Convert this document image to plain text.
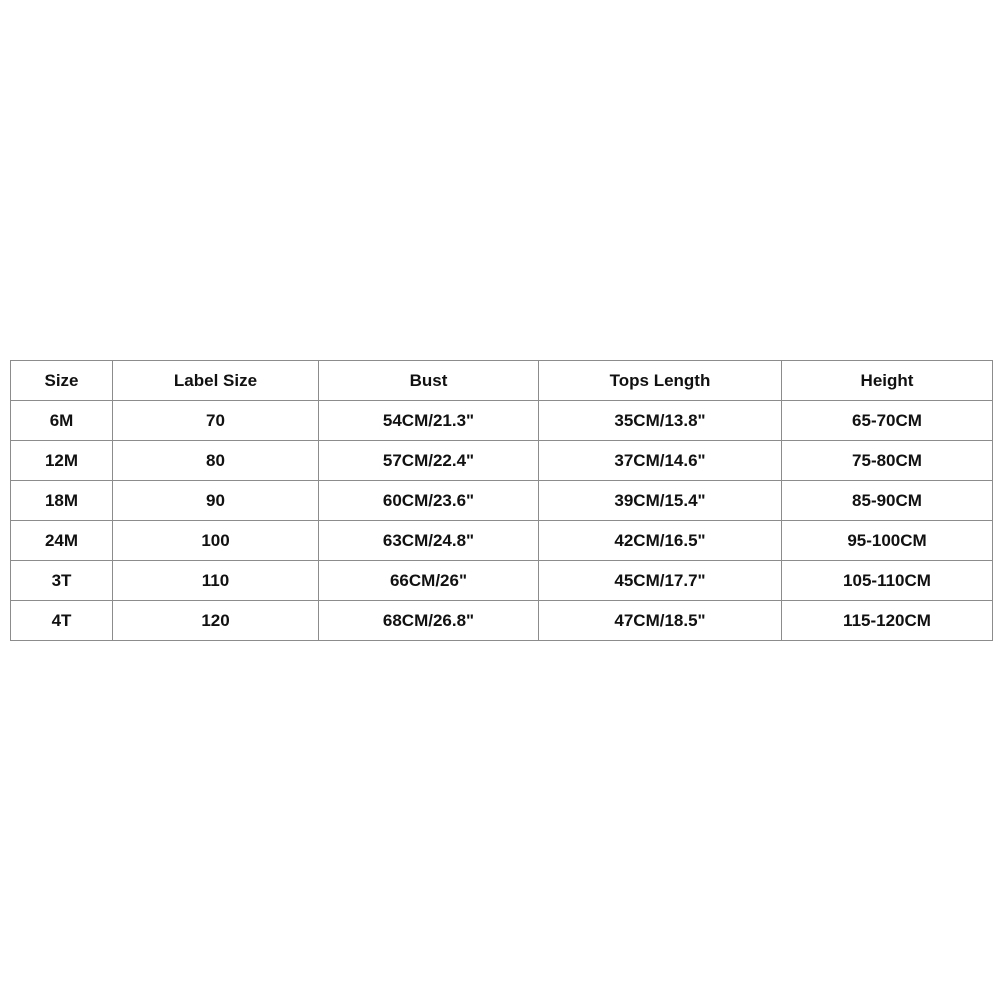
Size	Label Size	Bust	Tops Length	Height
6M	70	54CM/21.3"	35CM/13.8"	65-70CM
12M	80	57CM/22.4"	37CM/14.6"	75-80CM
18M	90	60CM/23.6"	39CM/15.4"	85-90CM
24M	100	63CM/24.8"	42CM/16.5"	95-100CM
3T	110	66CM/26"	45CM/17.7"	105-110CM
4T	120	68CM/26.8"	47CM/18.5"	115-120CM
